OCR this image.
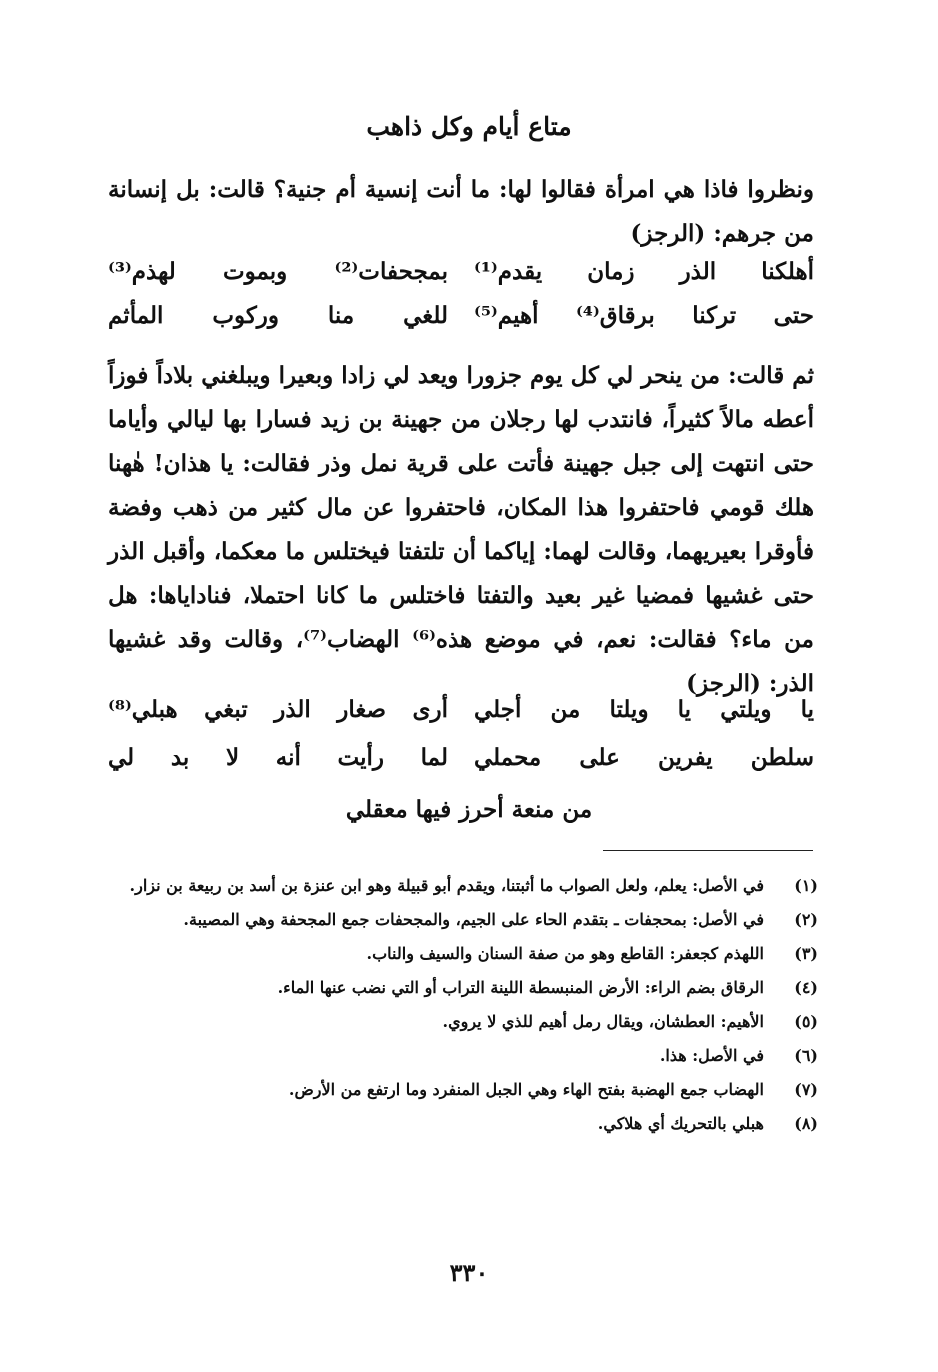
متاع أيام وكل ذاهب

ونظروا فاذا هي امرأة فقالوا لها: ما أنت إنسية أم جنية؟ قالت: بل إنسانة من جرهم: (الرجز)

أهلكنا الذر زمان يقدم⁽¹⁾
بمجحفات⁽²⁾ وبموت لهذم⁽³⁾
حتى تركنا برقاق⁽⁴⁾ أهيم⁽⁵⁾
للغي منا وركوب المأثم

ثم قالت: من ينحر لي كل يوم جزورا ويعد لي زادا وبعيرا ويبلغني بلاداً فوزاً أعطه مالاً كثيراً، فانتدب لها رجلان من جهينة بن زيد فسارا بها ليالي وأياما حتى انتهت إلى جبل جهينة فأتت على قرية نمل وذر فقالت: يا هذان! هٰهنا هلك قومي فاحتفروا هذا المكان، فاحتفروا عن مال كثير من ذهب وفضة فأوقرا بعيريهما، وقالت لهما: إياكما أن تلتفتا فيختلس ما معكما، وأقبل الذر حتى غشيها فمضيا غير بعيد والتفتا فاختلس ما كانا احتملا، فناداياها: هل من ماء؟ فقالت: نعم، في موضع هذه⁽⁶⁾ الهضاب⁽⁷⁾، وقالت وقد غشيها الذر: (الرجز)

يا ويلتي يا ويلتا من أجلي
أرى صغار الذر تبغي هبلي⁽⁸⁾
سلطن يفرين على محملي
لما رأيت أنه لا بد لي
من منعة أحرز فيها معقلي
(١)
في الأصل: يعلم، ولعل الصواب ما أثبتنا، ويقدم أبو قبيلة وهو ابن عنزة بن أسد بن ربيعة بن نزار.
(٢)
في الأصل: بمحجفات ـ بتقدم الحاء على الجيم، والمجحفات جمع المجحفة وهي المصيبة.
(٣)
اللهذم كجعفر: القاطع وهو من صفة السنان والسيف والناب.
(٤)
الرقاق بضم الراء: الأرض المنبسطة اللينة التراب أو التي نضب عنها الماء.
(٥)
الأهيم: العطشان، ويقال رمل أهيم للذي لا يروي.
(٦)
في الأصل: هذا.
(٧)
الهضاب جمع الهضبة بفتح الهاء وهي الجبل المنفرد وما ارتفع من الأرض.
(٨)
هبلي بالتحريك أي هلاكي.
٣٣٠
